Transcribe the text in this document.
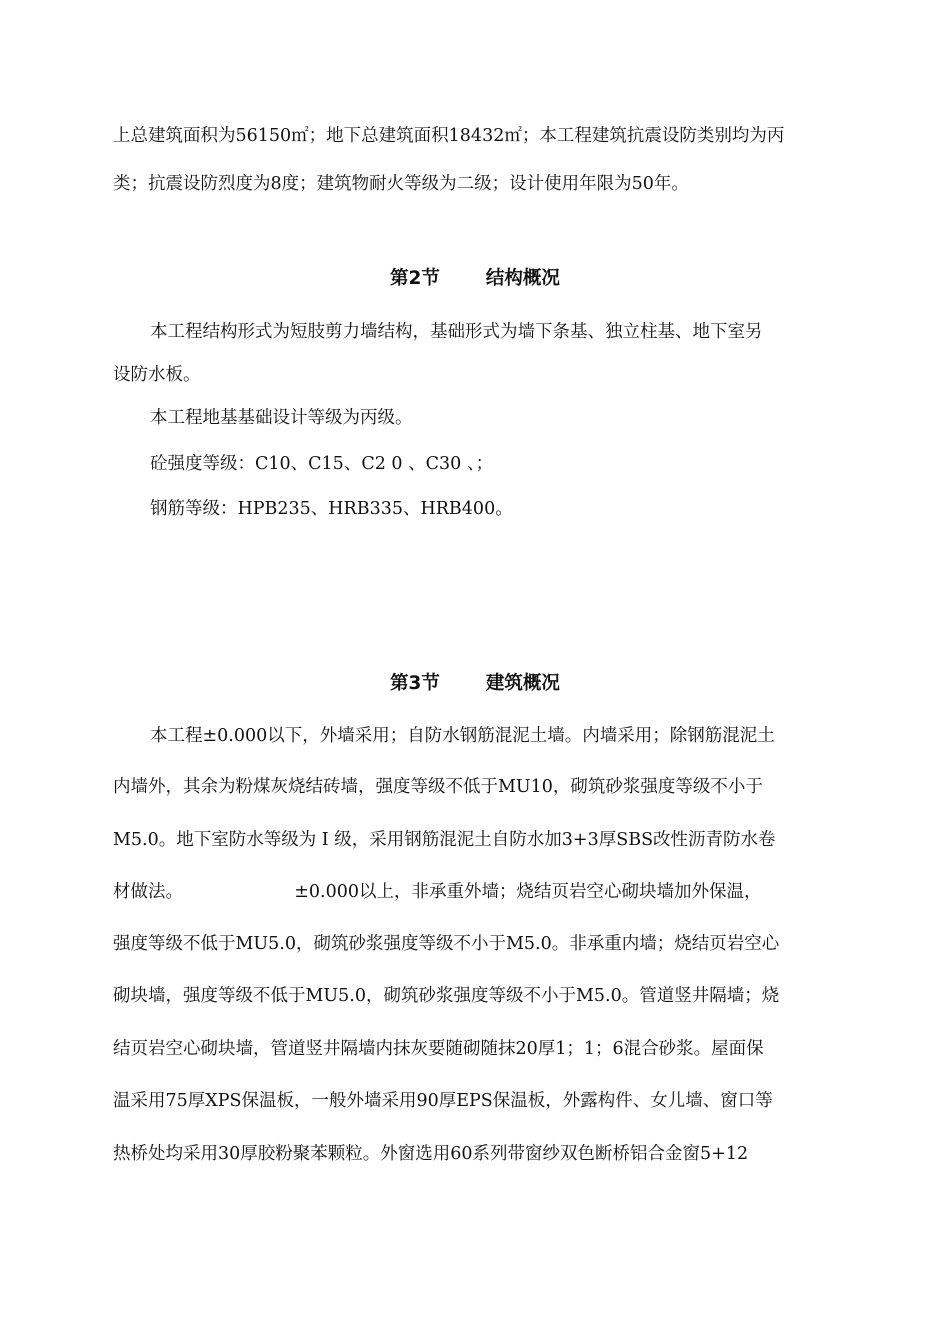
上总建筑面积为56150㎡；地下总建筑面积18432㎡；本工程建筑抗震设防类别均为丙
类；抗震设防烈度为8度；建筑物耐火等级为二级；设计使用年限为50年。
第2节 结构概况
本工程结构形式为短肢剪力墙结构，基础形式为墙下条基、独立柱基、地下室另
设防水板。
本工程地基基础设计等级为丙级。
砼强度等级：C10、C15、C2 0 、C30 、；
钢筋等级：HPB235、HRB335、HRB400。
第3节 建筑概况
本工程±0.000以下，外墙采用；自防水钢筋混泥土墙。内墙采用；除钢筋混泥土
内墙外，其余为粉煤灰烧结砖墙，强度等级不低于MU10，砌筑砂浆强度等级不小于
M5.0。地下室防水等级为 Ⅰ 级，采用钢筋混泥土自防水加3+3厚SBS改性沥青防水卷
材做法。                    ±0.000以上，非承重外墙；烧结页岩空心砌块墙加外保温，
强度等级不低于MU5.0，砌筑砂浆强度等级不小于M5.0。非承重内墙；烧结页岩空心
砌块墙，强度等级不低于MU5.0，砌筑砂浆强度等级不小于M5.0。管道竖井隔墙；烧
结页岩空心砌块墙，管道竖井隔墙内抹灰要随砌随抹20厚1；1；6混合砂浆。屋面保
温采用75厚XPS保温板，一般外墙采用90厚EPS保温板，外露构件、女儿墙、窗口等
热桥处均采用30厚胶粉聚苯颗粒。外窗选用60系列带窗纱双色断桥铝合金窗5+12
